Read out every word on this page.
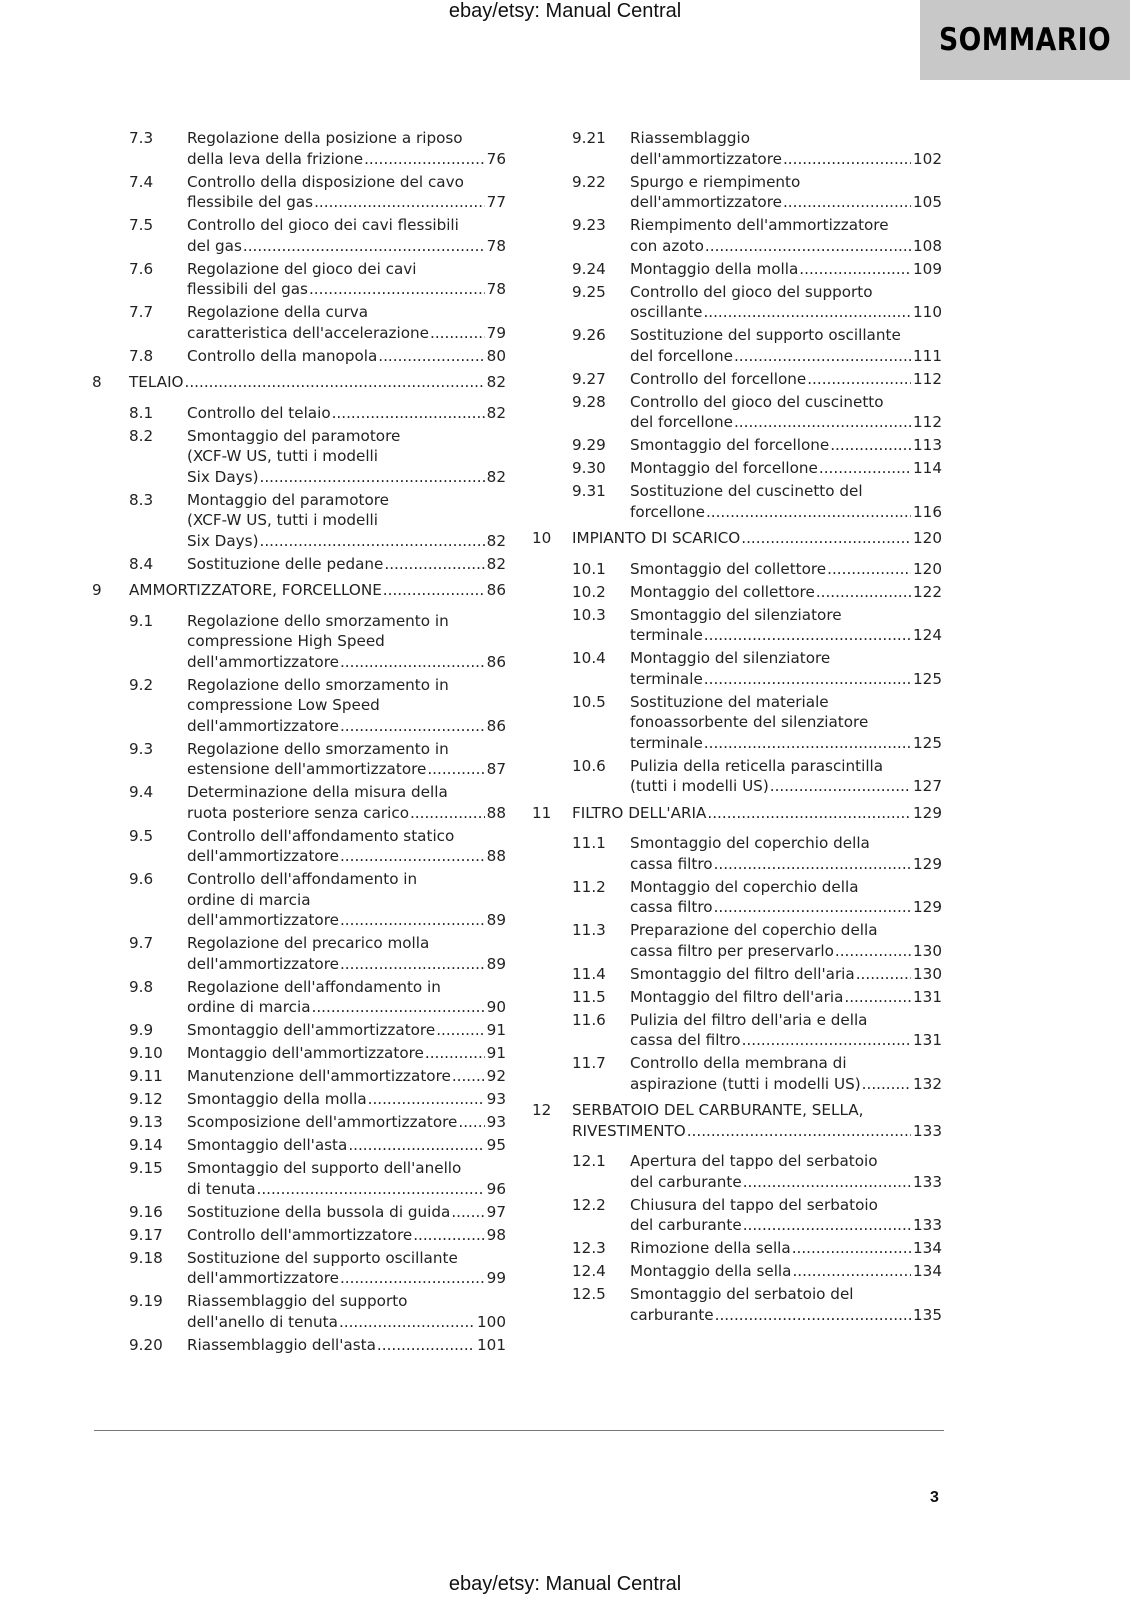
ebay/etsy: Manual Central
SOMMARIO
7.3 Regolazione della posizione a riposo
della leva della frizione .....	76
7.4 Controllo della disposizione del cavo
flessibile del gas .....	77
7.5 Controllo del gioco dei cavi flessibili
del gas .....	78
7.6 Regolazione del gioco dei cavi
flessibili del gas .....	78
7.7 Regolazione della curva
caratteristica dell'accelerazione .....	79
7.8 Controllo della manopola .....	80
8 TELAIO .....	82
8.1 Controllo del telaio .....	82
8.2 Smontaggio del paramotore
(XCF-W US, tutti i modelli
Six Days) .....	82
8.3 Montaggio del paramotore
(XCF-W US, tutti i modelli
Six Days) .....	82
8.4 Sostituzione delle pedane .....	82
9 AMMORTIZZATORE, FORCELLONE .....	86
9.1 Regolazione dello smorzamento in
compressione High Speed
dell'ammortizzatore .....	86
9.2 Regolazione dello smorzamento in
compressione Low Speed
dell'ammortizzatore .....	86
9.3 Regolazione dello smorzamento in
estensione dell'ammortizzatore .....	87
9.4 Determinazione della misura della
ruota posteriore senza carico .....	88
9.5 Controllo dell'affondamento statico
dell'ammortizzatore .....	88
9.6 Controllo dell'affondamento in
ordine di marcia
dell'ammortizzatore .....	89
9.7 Regolazione del precarico molla
dell'ammortizzatore .....	89
9.8 Regolazione dell'affondamento in
ordine di marcia .....	90
9.9 Smontaggio dell'ammortizzatore .....	91
9.10 Montaggio dell'ammortizzatore .....	91
9.11 Manutenzione dell'ammortizzatore ..... 92
9.12 Smontaggio della molla .....	93
9.13 Scomposizione dell'ammortizzatore ..... 93
9.14 Smontaggio dell'asta .....	95
9.15 Smontaggio del supporto dell'anello
di tenuta .....	96
9.16 Sostituzione della bussola di guida ..... 97
9.17 Controllo dell'ammortizzatore .....	98
9.18 Sostituzione del supporto oscillante
dell'ammortizzatore .....	99
9.19 Riassemblaggio del supporto
dell'anello di tenuta .....	100
9.20 Riassemblaggio dell'asta .....	101
9.21 Riassemblaggio
dell'ammortizzatore .....	102
9.22 Spurgo e riempimento
dell'ammortizzatore .....	105
9.23 Riempimento dell'ammortizzatore
con azoto .....	108
9.24 Montaggio della molla .....	109
9.25 Controllo del gioco del supporto
oscillante .....	110
9.26 Sostituzione del supporto oscillante
del forcellone .....	111
9.27 Controllo del forcellone .....	112
9.28 Controllo del gioco del cuscinetto
del forcellone .....	112
9.29 Smontaggio del forcellone .....	113
9.30 Montaggio del forcellone .....	114
9.31 Sostituzione del cuscinetto del
forcellone .....	116
10 IMPIANTO DI SCARICO .....	120
10.1 Smontaggio del collettore .....	120
10.2 Montaggio del collettore .....	122
10.3 Smontaggio del silenziatore
terminale .....	124
10.4 Montaggio del silenziatore
terminale .....	125
10.5 Sostituzione del materiale
fonoassorbente del silenziatore
terminale .....	125
10.6 Pulizia della reticella parascintilla
(tutti i modelli US) .....	127
11 FILTRO DELL'ARIA .....	129
11.1 Smontaggio del coperchio della
cassa filtro .....	129
11.2 Montaggio del coperchio della
cassa filtro .....	129
11.3 Preparazione del coperchio della
cassa filtro per preservarlo .....	130
11.4 Smontaggio del filtro dell'aria .....	130
11.5 Montaggio del filtro dell'aria .....	131
11.6 Pulizia del filtro dell'aria e della
cassa del filtro .....	131
11.7 Controllo della membrana di
aspirazione (tutti i modelli US) .....	132
12 SERBATOIO DEL CARBURANTE, SELLA,
RIVESTIMENTO .....	133
12.1 Apertura del tappo del serbatoio
del carburante .....	133
12.2 Chiusura del tappo del serbatoio
del carburante .....	133
12.3 Rimozione della sella .....	134
12.4 Montaggio della sella .....	134
12.5 Smontaggio del serbatoio del
carburante .....	135
3
ebay/etsy: Manual Central
